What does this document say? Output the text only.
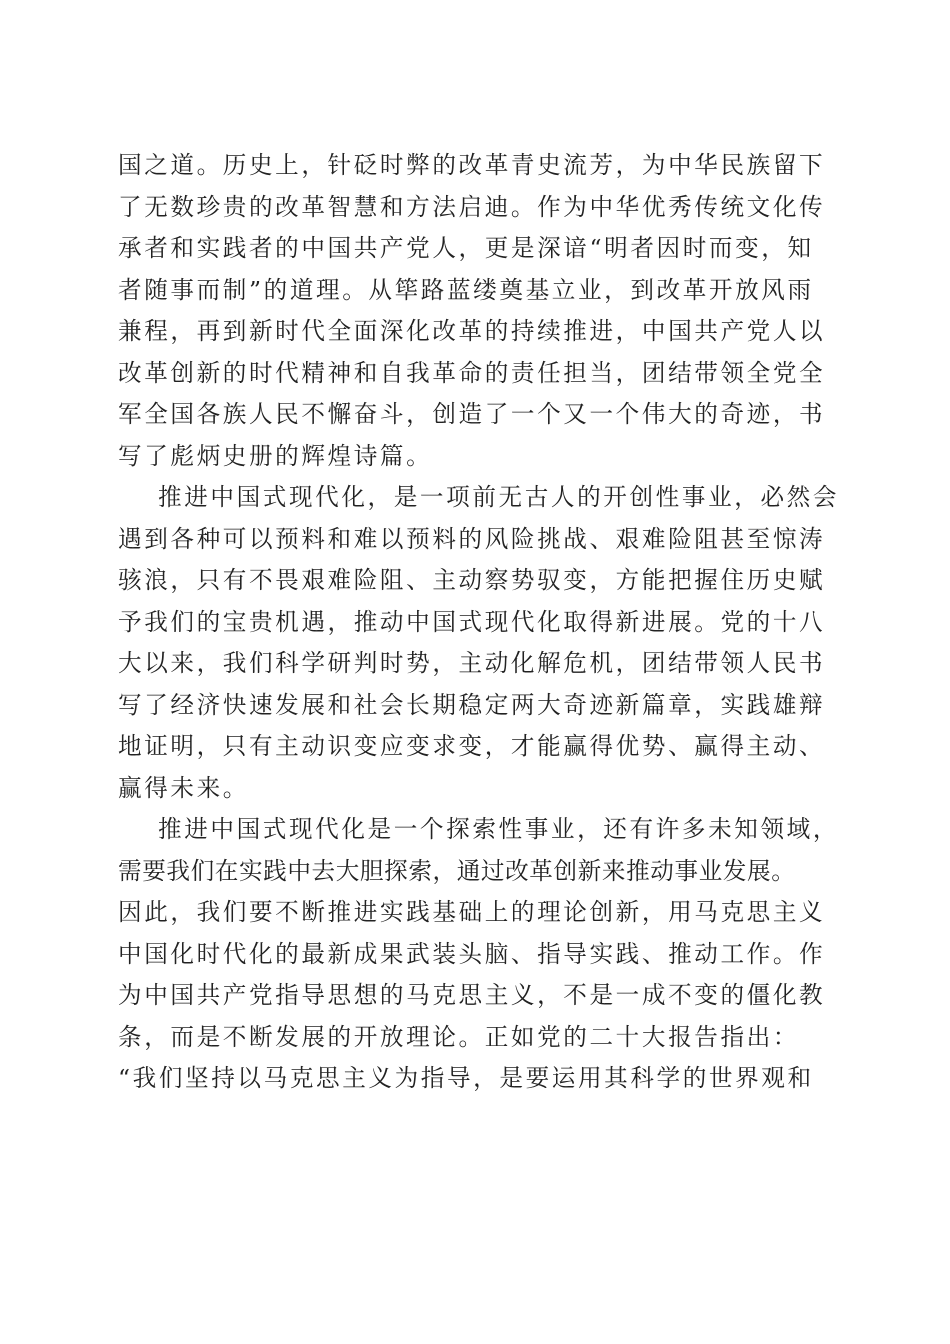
国之道。历史上，针砭时弊的改革青史流芳，为中华民族留下
了无数珍贵的改革智慧和方法启迪。作为中华优秀传统文化传
承者和实践者的中国共产党人，更是深谙“明者因时而变，知
者随事而制”的道理。从筚路蓝缕奠基立业，到改革开放风雨
兼程，再到新时代全面深化改革的持续推进，中国共产党人以
改革创新的时代精神和自我革命的责任担当，团结带领全党全
军全国各族人民不懈奋斗，创造了一个又一个伟大的奇迹，书
写了彪炳史册的辉煌诗篇。
推进中国式现代化，是一项前无古人的开创性事业，必然会
遇到各种可以预料和难以预料的风险挑战、艰难险阻甚至惊涛
骇浪，只有不畏艰难险阻、主动察势驭变，方能把握住历史赋
予我们的宝贵机遇，推动中国式现代化取得新进展。党的十八
大以来，我们科学研判时势，主动化解危机，团结带领人民书
写了经济快速发展和社会长期稳定两大奇迹新篇章，实践雄辩
地证明，只有主动识变应变求变，才能赢得优势、赢得主动、
赢得未来。
推进中国式现代化是一个探索性事业，还有许多未知领域，
需要我们在实践中去大胆探索，通过改革创新来推动事业发展。
因此，我们要不断推进实践基础上的理论创新，用马克思主义
中国化时代化的最新成果武装头脑、指导实践、推动工作。作
为中国共产党指导思想的马克思主义，不是一成不变的僵化教
条，而是不断发展的开放理论。正如党的二十大报告指出：
“我们坚持以马克思主义为指导，是要运用其科学的世界观和
